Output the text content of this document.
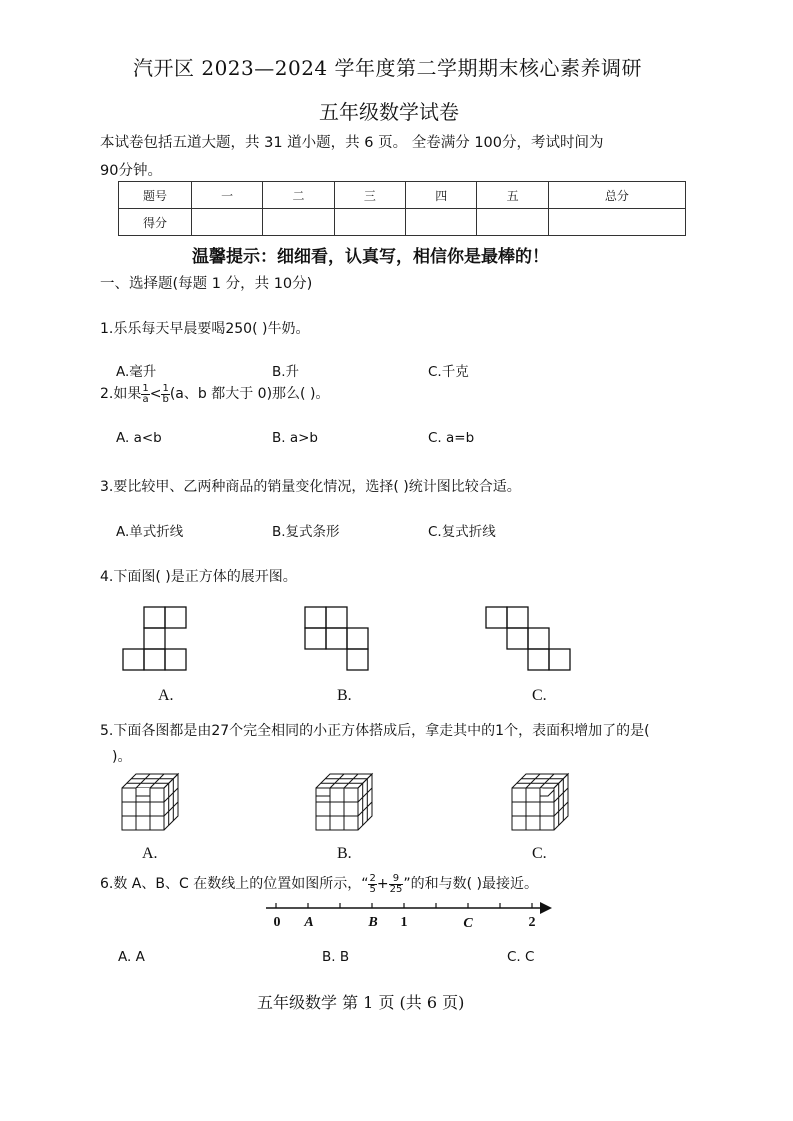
汽开区 2023—2024 学年度第二学期期末核心素养调研
五年级数学试卷
本试卷包括五道大题，共 31 道小题，共 6 页。 全卷满分 100分，考试时间为
90分钟。
题号	一	二	三	四	五	总分
得分						
温馨提示：细细看，认真写，相信你是最棒的！
一、选择题(每题 1 分，共 10分)
1.乐乐每天早晨要喝250( )牛奶。
A.毫升	B.升	C.千克
2.如果 $\frac{1}{a} < \frac{1}{b} (a$、b 都大于 0)那么( )。
A. a<b	B. a>b	C. a=b
3.要比较甲、乙两种商品的销量变化情况，选择( )统计图比较合适。
A.单式折线	B.复式条形	C.复式折线
4.下面图( )是正方体的展开图。
A.	B.	C.
5.下面各图都是由27个完全相同的小正方体搭成后，拿走其中的1个，表面积增加了的是(
)。
A.	B.	C.
6.数 A、B、C 在数线上的位置如图所示，“ $\frac{2}{5} + \frac{9}{25}$ ”的和与数( )最接近。
0 A	B 1	C	2
A. A	B. B	C. C
五年级数学 第 1 页 (共 6 页)
